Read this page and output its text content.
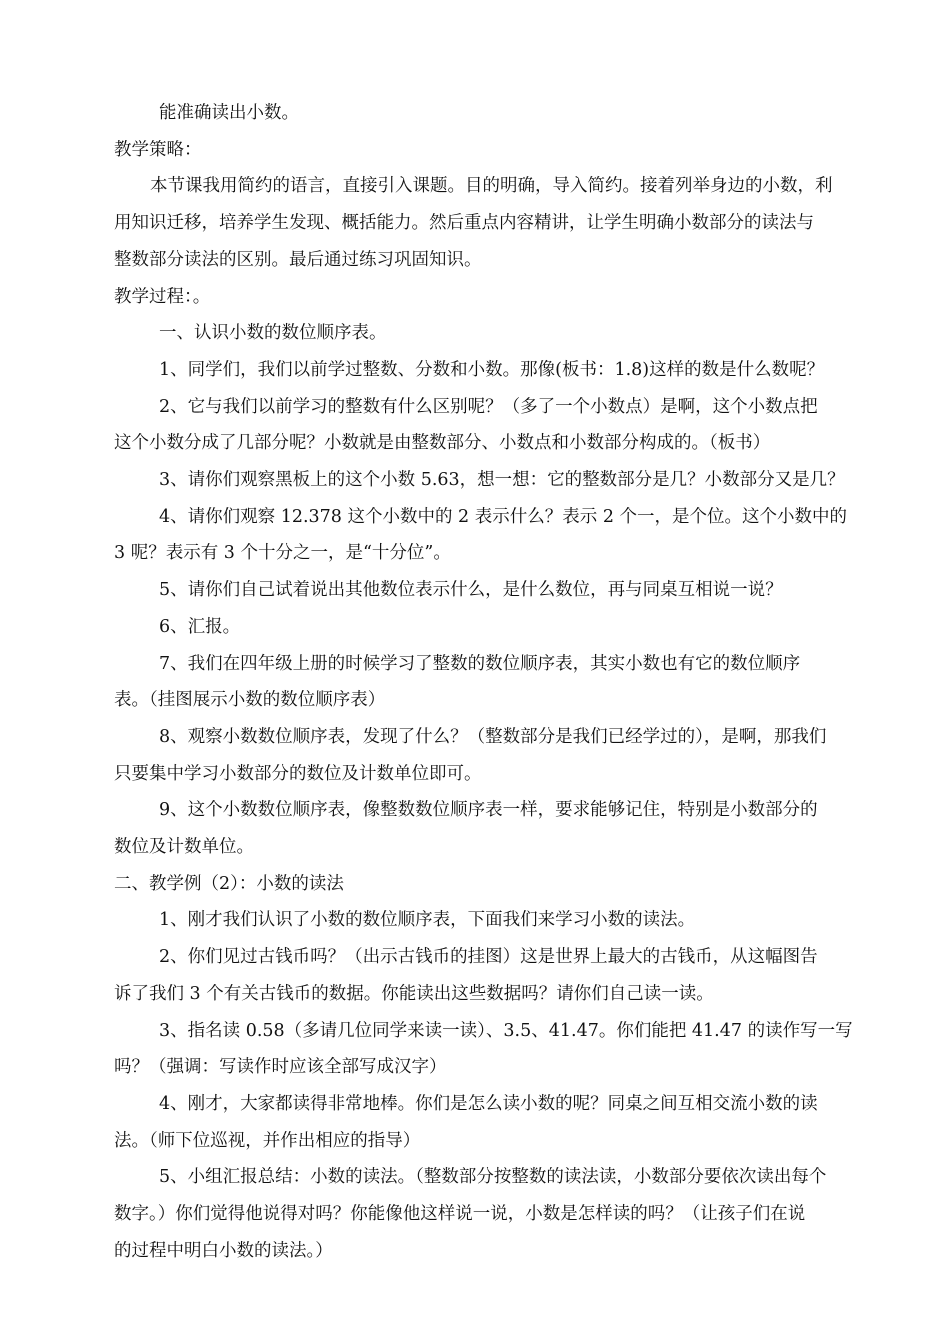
能准确读出小数。

教学策略：

本节课我用简约的语言，直接引入课题。目的明确，导入简约。接着列举身边的小数，利

用知识迁移，培养学生发现、概括能力。然后重点内容精讲，让学生明确小数部分的读法与

整数部分读法的区别。最后通过练习巩固知识。

教学过程：。

一、认识小数的数位顺序表。

1、同学们，我们以前学过整数、分数和小数。那像(板书：1.8)这样的数是什么数呢？

2、它与我们以前学习的整数有什么区别呢？（多了一个小数点）是啊，这个小数点把

这个小数分成了几部分呢？小数就是由整数部分、小数点和小数部分构成的。（板书）

3、请你们观察黑板上的这个小数 5.63，想一想：它的整数部分是几？小数部分又是几？

4、请你们观察 12.378 这个小数中的 2 表示什么？表示 2 个一，是个位。这个小数中的

3 呢？表示有 3 个十分之一，是“十分位”。

5、请你们自己试着说出其他数位表示什么，是什么数位，再与同桌互相说一说？

6、汇报。

7、我们在四年级上册的时候学习了整数的数位顺序表，其实小数也有它的数位顺序

表。（挂图展示小数的数位顺序表）

8、观察小数数位顺序表，发现了什么？（整数部分是我们已经学过的），是啊，那我们

只要集中学习小数部分的数位及计数单位即可。

9、这个小数数位顺序表，像整数数位顺序表一样，要求能够记住，特别是小数部分的

数位及计数单位。

二、教学例（2）：小数的读法

1、刚才我们认识了小数的数位顺序表，下面我们来学习小数的读法。

2、你们见过古钱币吗？（出示古钱币的挂图）这是世界上最大的古钱币，从这幅图告

诉了我们 3 个有关古钱币的数据。你能读出这些数据吗？请你们自己读一读。

3、指名读 0.58（多请几位同学来读一读）、3.5、41.47。你们能把 41.47 的读作写一写

吗？（强调：写读作时应该全部写成汉字）

4、刚才，大家都读得非常地棒。你们是怎么读小数的呢？同桌之间互相交流小数的读

法。（师下位巡视，并作出相应的指导）

5、小组汇报总结：小数的读法。（整数部分按整数的读法读，小数部分要依次读出每个

数字。）你们觉得他说得对吗？你能像他这样说一说，小数是怎样读的吗？（让孩子们在说

的过程中明白小数的读法。）
